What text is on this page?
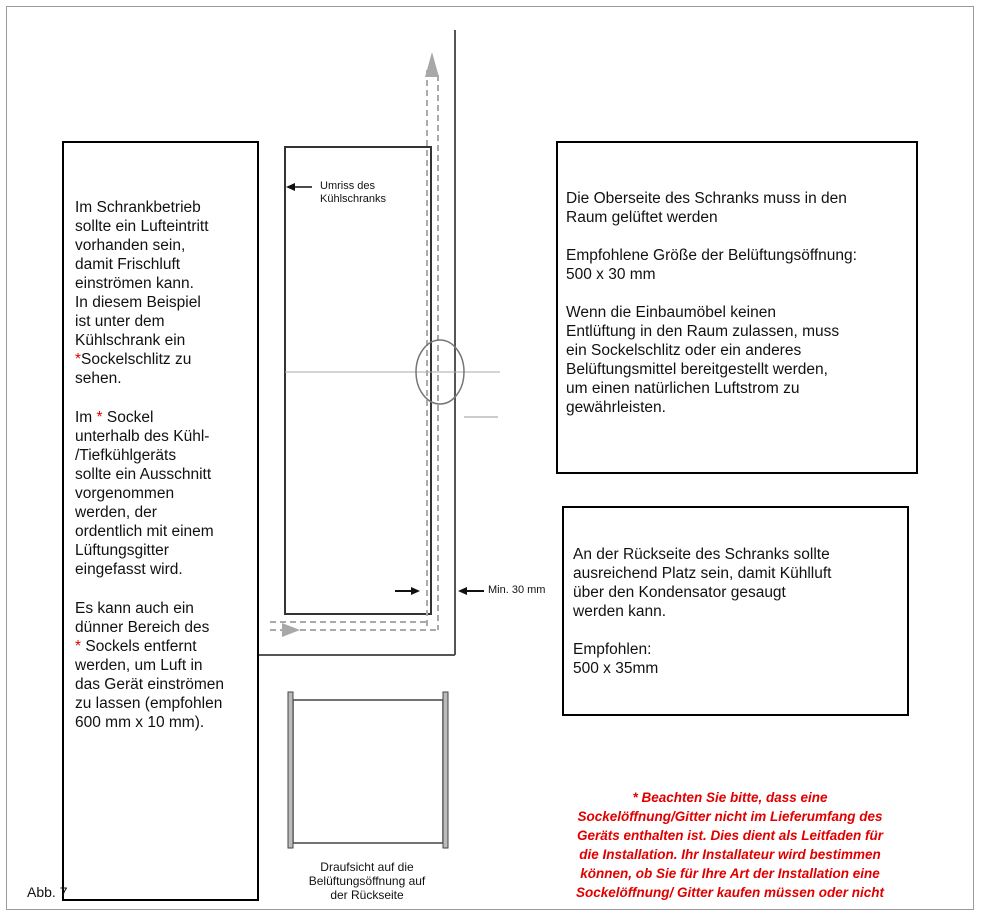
Im Schrankbetrieb
sollte ein Lufteintritt
vorhanden sein,
damit Frischluft
einströmen kann.
In diesem Beispiel
ist unter dem
Kühlschrank ein
*Sockelschlitz zu
sehen.
Im * Sockel
unterhalb des Kühl-
/Tiefkühlgeräts
sollte ein Ausschnitt
vorgenommen
werden, der
ordentlich mit einem
Lüftungsgitter
eingefasst wird.
Es kann auch ein
dünner Bereich des
* Sockels entfernt
werden, um Luft in
das Gerät einströmen
zu lassen (empfohlen
600 mm x 10 mm).
Die Oberseite des Schranks muss in den
Raum gelüftet werden
Empfohlene Größe der Belüftungsöffnung:
500 x 30 mm
Wenn die Einbaumöbel keinen
Entlüftung in den Raum zulassen, muss
ein Sockelschlitz oder ein anderes
Belüftungsmittel bereitgestellt werden,
um einen natürlichen Luftstrom zu
gewährleisten.
An der Rückseite des Schranks sollte
ausreichend Platz sein, damit Kühlluft
über den Kondensator gesaugt
werden kann.
Empfohlen:
500 x 35mm
Umriss des
Kühlschranks
Min. 30 mm
Draufsicht auf die
Belüftungsöffnung auf
der Rückseite
Abb. 7
* Beachten Sie bitte, dass eine
Sockelöffnung/Gitter nicht im Lieferumfang des
Geräts enthalten ist. Dies dient als Leitfaden für
die Installation. Ihr Installateur wird bestimmen
können, ob Sie für Ihre Art der Installation eine
Sockelöffnung/ Gitter kaufen müssen oder nicht
